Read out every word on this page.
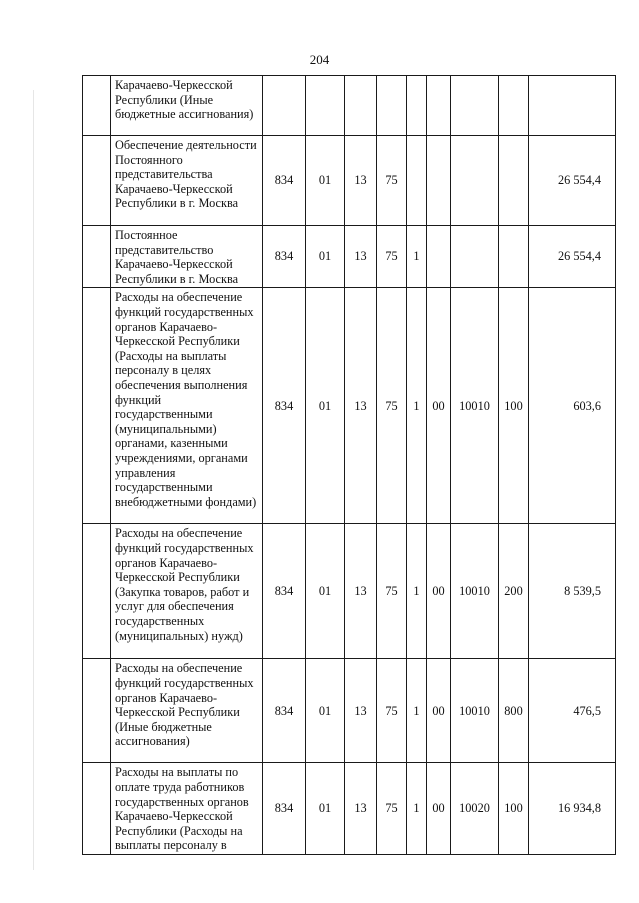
204
	Карачаево-Черкесской Республики (Иные бюджетные ассигнования)									
	Обеспечение деятельности Постоянного представительства Карачаево-Черкесской Республики в г. Москва	834	01	13	75					26 554,4
	Постоянное представительство Карачаево-Черкесской Республики в г. Москва	834	01	13	75	1				26 554,4
	Расходы на обеспечение функций государственных органов Карачаево-Черкесской Республики (Расходы на выплаты персоналу в целях обеспечения выполнения функций государственными (муниципальными) органами, казенными учреждениями, органами управления государственными внебюджетными фондами)	834	01	13	75	1	00	10010	100	603,6
	Расходы на обеспечение функций государственных органов Карачаево-Черкесской Республики (Закупка товаров, работ и услуг для обеспечения государственных (муниципальных) нужд)	834	01	13	75	1	00	10010	200	8 539,5
	Расходы на обеспечение функций государственных органов Карачаево-Черкесской Республики (Иные бюджетные ассигнования)	834	01	13	75	1	00	10010	800	476,5
	Расходы на выплаты по оплате труда работников государственных органов Карачаево-Черкесской Республики (Расходы на выплаты персоналу в	834	01	13	75	1	00	10020	100	16 934,8
